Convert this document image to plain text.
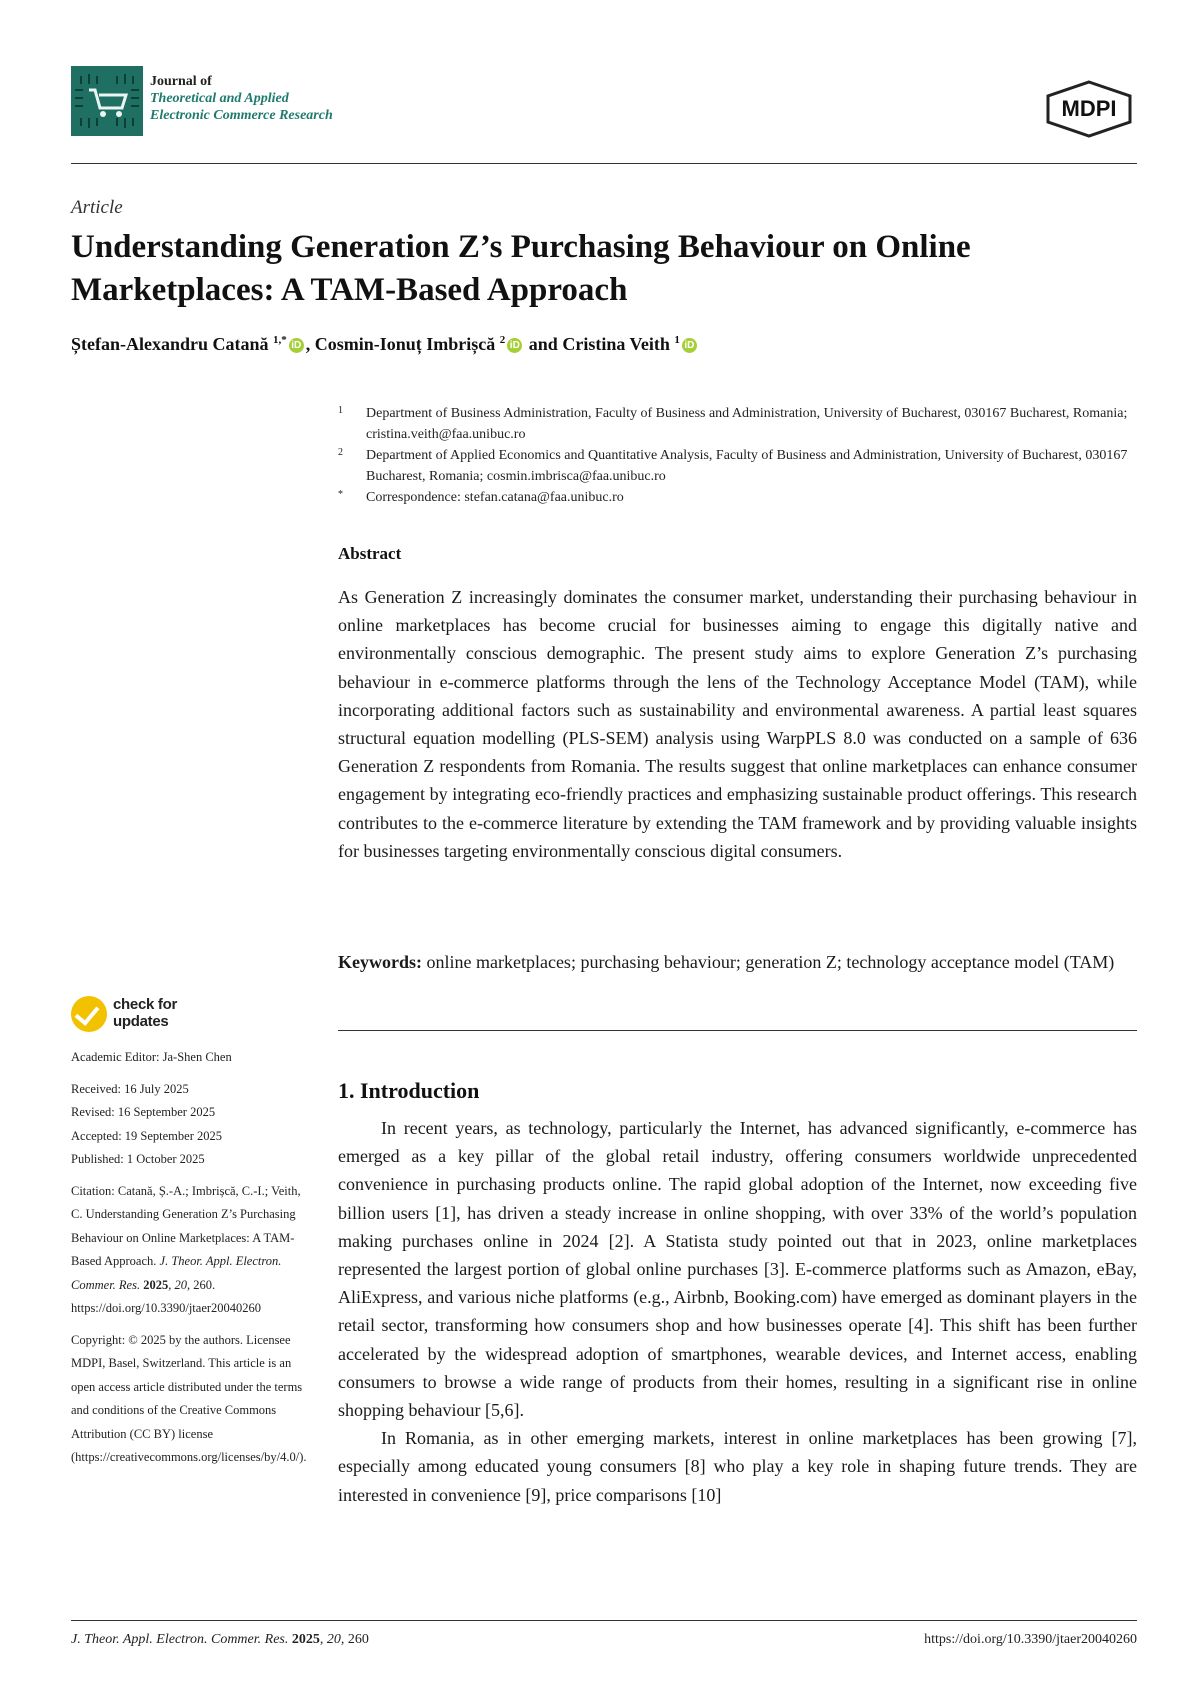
Journal of
Theoretical and Applied
Electronic Commerce Research	MDPI
Article
Understanding Generation Z’s Purchasing Behaviour on Online Marketplaces: A TAM-Based Approach
Ștefan-Alexandru Catană $^{1,*}$ iD , Cosmin-Ionuț Imbrișcă $^2$ iD and Cristina Veith $^1$ iD
1 Department of Business Administration, Faculty of Business and Administration, University of Bucharest, 030167 Bucharest, Romania; cristina.veith@faa.unibuc.ro
2 Department of Applied Economics and Quantitative Analysis, Faculty of Business and Administration, University of Bucharest, 030167 Bucharest, Romania; cosmin.imbrisca@faa.unibuc.ro
* Correspondence: stefan.catana@faa.unibuc.ro
Abstract
As Generation Z increasingly dominates the consumer market, understanding their purchasing behaviour in online marketplaces has become crucial for businesses aiming to engage this digitally native and environmentally conscious demographic. The present study aims to explore Generation Z’s purchasing behaviour in e-commerce platforms through the lens of the Technology Acceptance Model (TAM), while incorporating additional factors such as sustainability and environmental awareness. A partial least squares structural equation modelling (PLS-SEM) analysis using WarpPLS 8.0 was conducted on a sample of 636 Generation Z respondents from Romania. The results suggest that online marketplaces can enhance consumer engagement by integrating eco-friendly practices and emphasizing sustainable product offerings. This research contributes to the e-commerce literature by extending the TAM framework and by providing valuable insights for businesses targeting environmentally conscious digital consumers.
Keywords: online marketplaces; purchasing behaviour; generation Z; technology acceptance model (TAM)
check for
updates
Academic Editor: Ja-Shen Chen
Received: 16 July 2025
Revised: 16 September 2025
Accepted: 19 September 2025
Published: 1 October 2025
Citation: Catană, Ș.-A.; Imbrișcă, C.-I.; Veith, C. Understanding Generation Z’s Purchasing Behaviour on Online Marketplaces: A TAM-Based Approach. J. Theor. Appl. Electron. Commer. Res. 2025, 20, 260. https://doi.org/10.3390/jtaer20040260
Copyright: © 2025 by the authors. Licensee MDPI, Basel, Switzerland. This article is an open access article distributed under the terms and conditions of the Creative Commons Attribution (CC BY) license (https://creativecommons.org/licenses/by/4.0/).
1. Introduction

In recent years, as technology, particularly the Internet, has advanced significantly, e-commerce has emerged as a key pillar of the global retail industry, offering consumers worldwide unprecedented convenience in purchasing products online. The rapid global adoption of the Internet, now exceeding five billion users [1], has driven a steady increase in online shopping, with over 33% of the world’s population making purchases online in 2024 [2]. A Statista study pointed out that in 2023, online marketplaces represented the largest portion of global online purchases [3]. E-commerce platforms such as Amazon, eBay, AliExpress, and various niche platforms (e.g., Airbnb, Booking.com) have emerged as dominant players in the retail sector, transforming how consumers shop and how businesses operate [4]. This shift has been further accelerated by the widespread adoption of smartphones, wearable devices, and Internet access, enabling consumers to browse a wide range of products from their homes, resulting in a significant rise in online shopping behaviour [5,6].

In Romania, as in other emerging markets, interest in online marketplaces has been growing [7], especially among educated young consumers [8] who play a key role in shaping future trends. They are interested in convenience [9], price comparisons [10]

J. Theor. Appl. Electron. Commer. Res. 2025, 20, 260	https://doi.org/10.3390/jtaer20040260
